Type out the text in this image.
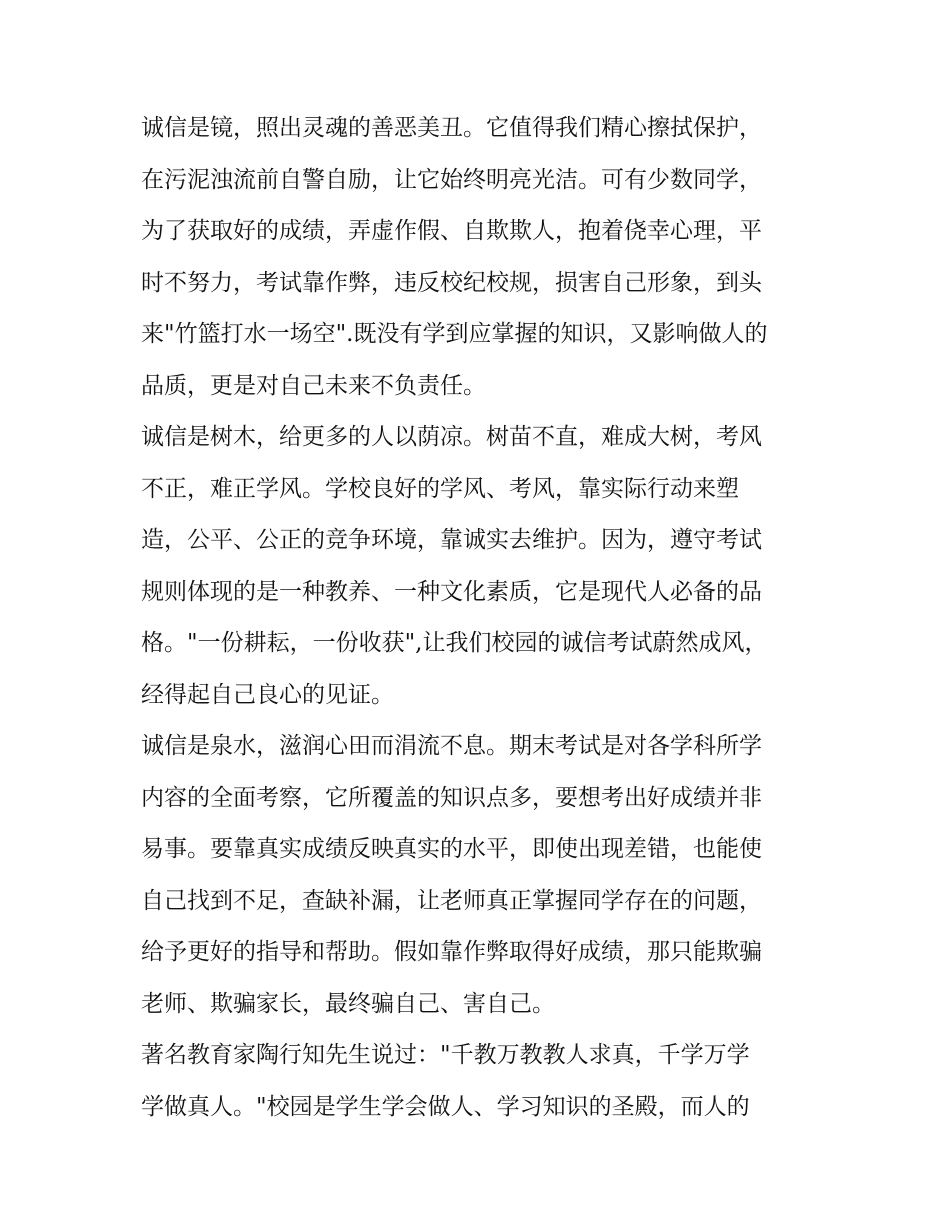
诚信是镜，照出灵魂的善恶美丑。它值得我们精心擦拭保护，
在污泥浊流前自警自励，让它始终明亮光洁。可有少数同学，
为了获取好的成绩，弄虚作假、自欺欺人，抱着侥幸心理，平
时不努力，考试靠作弊，违反校纪校规，损害自己形象，到头
来"竹篮打水一场空".既没有学到应掌握的知识，又影响做人的
品质，更是对自己未来不负责任。
诚信是树木，给更多的人以荫凉。树苗不直，难成大树，考风
不正，难正学风。学校良好的学风、考风，靠实际行动来塑
造，公平、公正的竞争环境，靠诚实去维护。因为，遵守考试
规则体现的是一种教养、一种文化素质，它是现代人必备的品
格。"一份耕耘，一份收获",让我们校园的诚信考试蔚然成风，
经得起自己良心的见证。
诚信是泉水，滋润心田而涓流不息。期末考试是对各学科所学
内容的全面考察，它所覆盖的知识点多，要想考出好成绩并非
易事。要靠真实成绩反映真实的水平，即使出现差错，也能使
自己找到不足，查缺补漏，让老师真正掌握同学存在的问题，
给予更好的指导和帮助。假如靠作弊取得好成绩，那只能欺骗
老师、欺骗家长，最终骗自己、害自己。
著名教育家陶行知先生说过："千教万教教人求真，千学万学
学做真人。"校园是学生学会做人、学习知识的圣殿，而人的
